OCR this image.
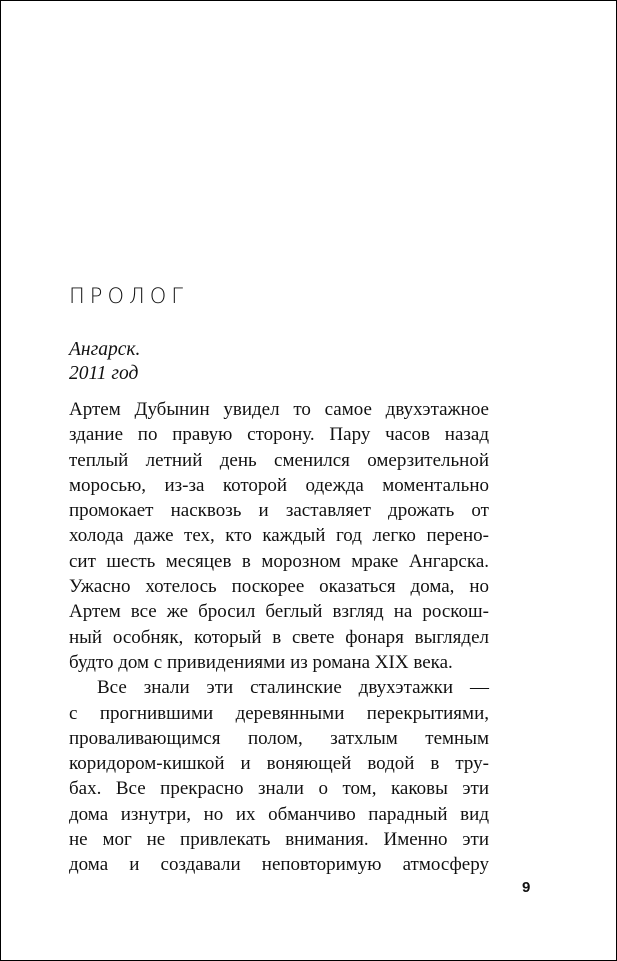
ПРОЛОГ
Ангарск.
2011 год
Артем Дубынин увидел то самое двухэтажное
здание по правую сторону. Пару часов назад
теплый летний день сменился омерзительной
моросью, из-за которой одежда моментально
промокает насквозь и заставляет дрожать от
холода даже тех, кто каждый год легко перено-
сит шесть месяцев в морозном мраке Ангарска.
Ужасно хотелось поскорее оказаться дома, но
Артем все же бросил беглый взгляд на роскош-
ный особняк, который в свете фонаря выглядел
будто дом с привидениями из романа XIX века.
Все знали эти сталинские двухэтажки —
с прогнившими деревянными перекрытиями,
проваливающимся полом, затхлым темным
коридором-кишкой и воняющей водой в тру-
бах. Все прекрасно знали о том, каковы эти
дома изнутри, но их обманчиво парадный вид
не мог не привлекать внимания. Именно эти
дома и создавали неповторимую атмосферу
9
